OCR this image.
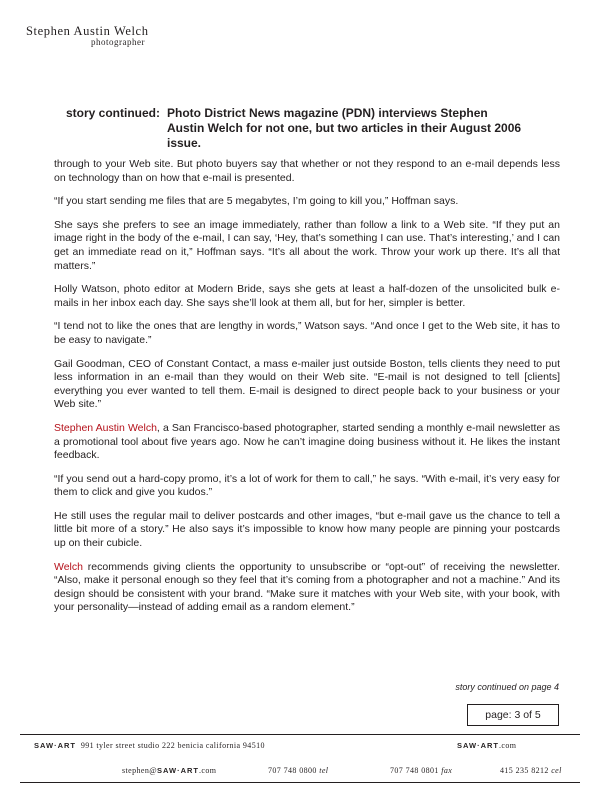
Stephen Austin Welch
photographer
story continued: Photo District News magazine (PDN) interviews Stephen Austin Welch for not one, but two articles in their August 2006 issue.

through to your Web site. But photo buyers say that whether or not they respond to an e-mail depends less on technology than on how that e-mail is presented.

“If you start sending me files that are 5 megabytes, I’m going to kill you,” Hoffman says.

She says she prefers to see an image immediately, rather than follow a link to a Web site. “If they put an image right in the body of the e-mail, I can say, ‘Hey, that’s something I can use. That’s interesting,’ and I can get an immediate read on it,” Hoffman says. “It’s all about the work. Throw your work up there. It’s all that matters.”

Holly Watson, photo editor at Modern Bride, says she gets at least a half-dozen of the unsolicited bulk e-mails in her inbox each day. She says she’ll look at them all, but for her, simpler is better.

“I tend not to like the ones that are lengthy in words,” Watson says. “And once I get to the Web site, it has to be easy to navigate.”

Gail Goodman, CEO of Constant Contact, a mass e-mailer just outside Boston, tells clients they need to put less information in an e-mail than they would on their Web site. “E-mail is not designed to tell [clients] everything you ever wanted to tell them. E-mail is designed to direct people back to your business or your Web site.”

Stephen Austin Welch, a San Francisco-based photographer, started sending a monthly e-mail newsletter as a promotional tool about five years ago. Now he can’t imagine doing business without it. He likes the instant feedback.

“If you send out a hard-copy promo, it’s a lot of work for them to call,” he says. “With e-mail, it’s very easy for them to click and give you kudos.”

He still uses the regular mail to deliver postcards and other images, “but e-mail gave us the chance to tell a little bit more of a story.” He also says it’s impossible to know how many people are pinning your postcards up on their cubicle.

Welch recommends giving clients the opportunity to unsubscribe or “opt-out” of receiving the newsletter. “Also, make it personal enough so they feel that it’s coming from a photographer and not a machine.” And its design should be consistent with your brand. “Make sure it matches with your Web site, with your book, with your personality—instead of adding email as a random element.”

story continued on page 4
page: 3 of 5
SAW·ART 991 tyler street studio 222 benicia california 94510	SAW·ART.com
stephen@SAW·ART.com	707 748 0800 tel	707 748 0801 fax	415 235 8212 cel
